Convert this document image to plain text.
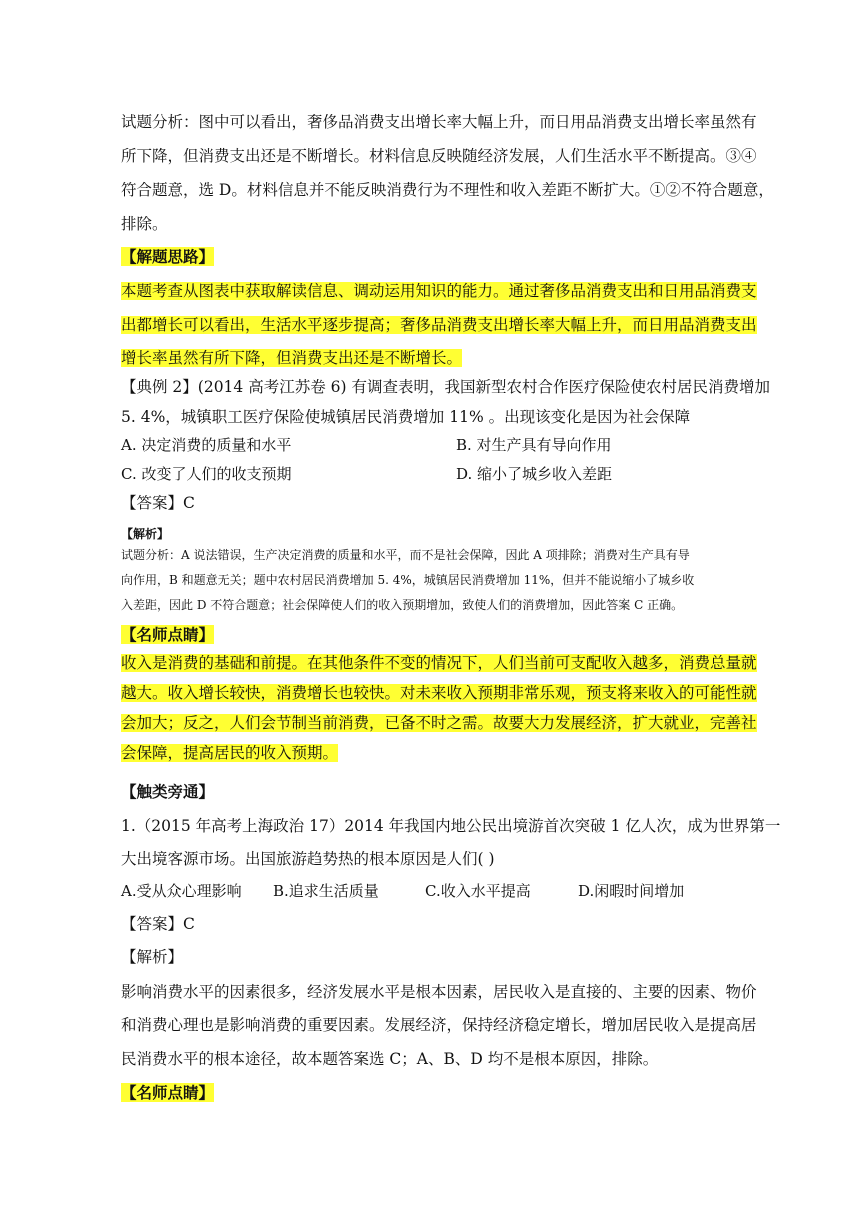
试题分析：图中可以看出，奢侈品消费支出增长率大幅上升，而日用品消费支出增长率虽然有
所下降，但消费支出还是不断增长。材料信息反映随经济发展，人们生活水平不断提高。③④
符合题意，选 D。材料信息并不能反映消费行为不理性和收入差距不断扩大。①②不符合题意，
排除。
【解题思路】
本题考查从图表中获取解读信息、调动运用知识的能力。通过奢侈品消费支出和日用品消费支
出都增长可以看出，生活水平逐步提高；奢侈品消费支出增长率大幅上升，而日用品消费支出
增长率虽然有所下降，但消费支出还是不断增长。
【典例 2】(2014 高考江苏卷 6) 有调查表明，我国新型农村合作医疗保险使农村居民消费增加
5. 4%，城镇职工医疗保险使城镇居民消费增加 11% 。出现该变化是因为社会保障
A. 决定消费的质量和水平	B. 对生产具有导向作用
C. 改变了人们的收支预期	D. 缩小了城乡收入差距
【答案】C
【解析】
试题分析：A 说法错误，生产决定消费的质量和水平，而不是社会保障，因此 A 项排除；消费对生产具有导
向作用，B 和题意无关；题中农村居民消费增加 5. 4%，城镇居民消费增加 11%，但并不能说缩小了城乡收
入差距，因此 D 不符合题意；社会保障使人们的收入预期增加，致使人们的消费增加，因此答案 C 正确。
【名师点睛】
收入是消费的基础和前提。在其他条件不变的情况下，人们当前可支配收入越多，消费总量就
越大。收入增长较快，消费增长也较快。对未来收入预期非常乐观，预支将来收入的可能性就
会加大；反之，人们会节制当前消费，已备不时之需。故要大力发展经济，扩大就业，完善社
会保障，提高居民的收入预期。
【触类旁通】
1.（2015 年高考上海政治 17）2014 年我国内地公民出境游首次突破 1 亿人次，成为世界第一
大出境客源市场。出国旅游趋势热的根本原因是人们( )
A.受从众心理影响 B.追求生活质量	C.收入水平提高	D.闲暇时间增加
【答案】C
【解析】
影响消费水平的因素很多，经济发展水平是根本因素，居民收入是直接的、主要的因素、物价
和消费心理也是影响消费的重要因素。发展经济，保持经济稳定增长，增加居民收入是提高居
民消费水平的根本途径，故本题答案选 C；A、B、D 均不是根本原因，排除。
【名师点睛】
